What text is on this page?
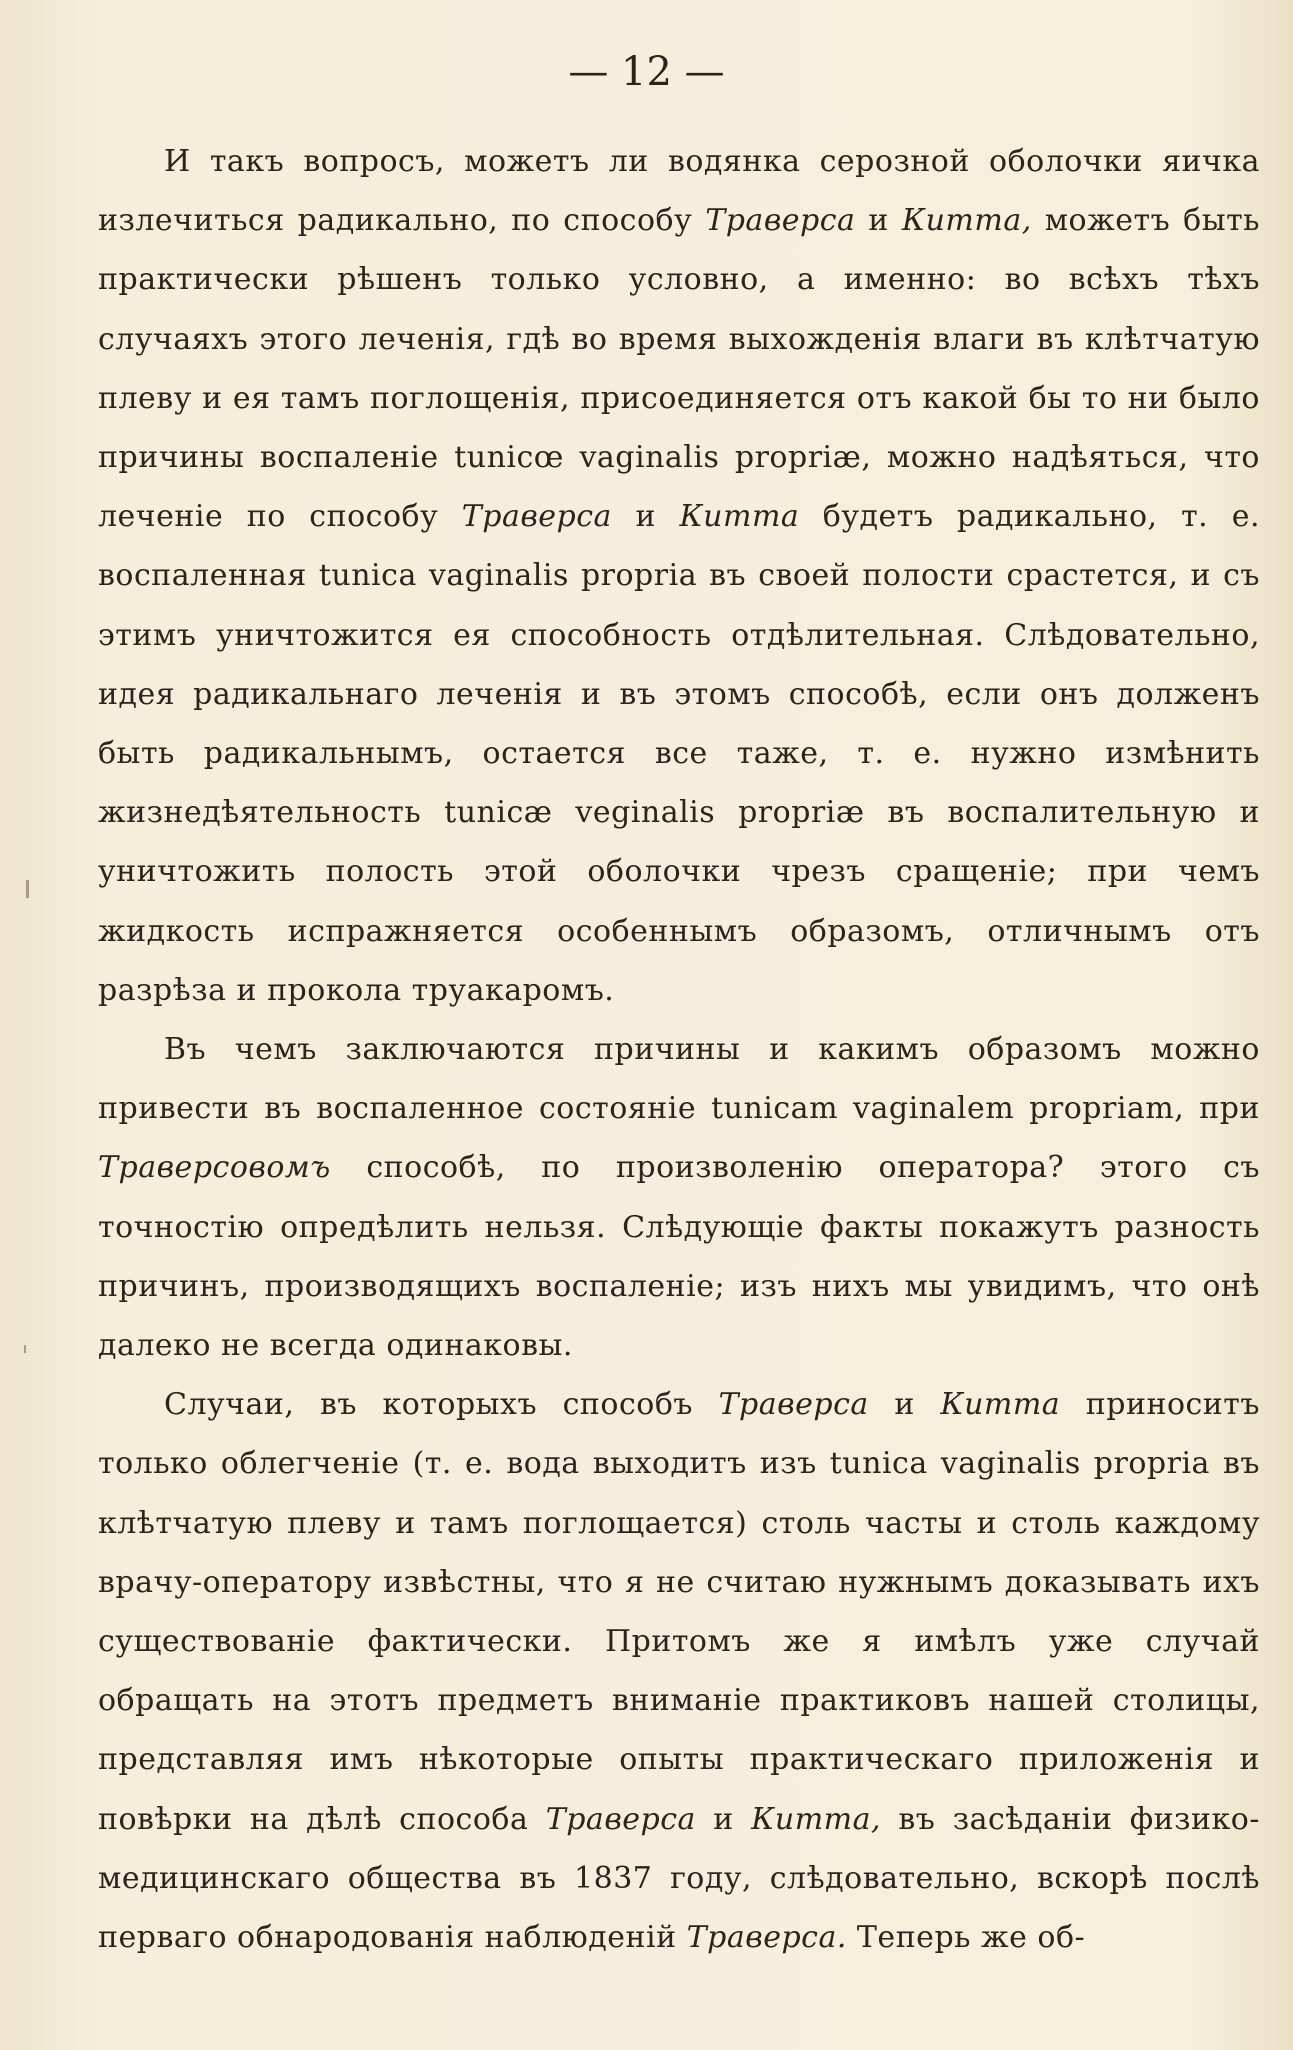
— 12 —

И такъ вопросъ, можетъ ли водянка серозной оболочки яичка излечиться радикально, по способу Траверса и Китта, можетъ быть практически рѣшенъ только условно, а именно: во всѣхъ тѣхъ случаяхъ этого леченія, гдѣ во время выхожденія влаги въ клѣтчатую плеву и ея тамъ поглощенія, присоединяется отъ какой бы то ни было причины воспаленіе tunicœ vaginalis propriæ, можно надѣяться, что леченіе по способу Траверса и Китта будетъ радикально, т. е. воспаленная tunica vaginalis propria въ своей полости срастется, и съ этимъ уничтожится ея способность отдѣлительная. Слѣдовательно, идея радикальнаго леченія и въ этомъ способѣ, если онъ долженъ быть радикальнымъ, остается все таже, т. е. нужно измѣнить жизнедѣятельность tunicæ veginalis propriæ въ воспалительную и уничтожить полость этой оболочки чрезъ сращеніе; при чемъ жидкость испражняется особеннымъ образомъ, отличнымъ отъ разрѣза и прокола труакаромъ.

Въ чемъ заключаются причины и какимъ образомъ можно привести въ воспаленное состояніе tunicam vaginalem propriam, при Траверсовомъ способѣ, по произволенію оператора? этого съ точностію опредѣлить нельзя. Слѣдующіе факты покажутъ разность причинъ, производящихъ воспаленіе; изъ нихъ мы увидимъ, что онѣ далеко не всегда одинаковы.

Случаи, въ которыхъ способъ Траверса и Китта приноситъ только облегченіе (т. е. вода выходитъ изъ tunica vaginalis propria въ клѣтчатую плеву и тамъ поглощается) столь часты и столь каждому врачу-оператору извѣстны, что я не считаю нужнымъ доказывать ихъ существованіе фактически. Притомъ же я имѣлъ уже случай обращать на этотъ предметъ вниманіе практиковъ нашей столицы, представляя имъ нѣкоторые опыты практическаго приложенія и повѣрки на дѣлѣ способа Траверса и Китта, въ засѣданіи физико-медицинскаго общества въ 1837 году, слѣдовательно, вскорѣ послѣ перваго обнародованія наблюденій Траверса. Теперь же об-
